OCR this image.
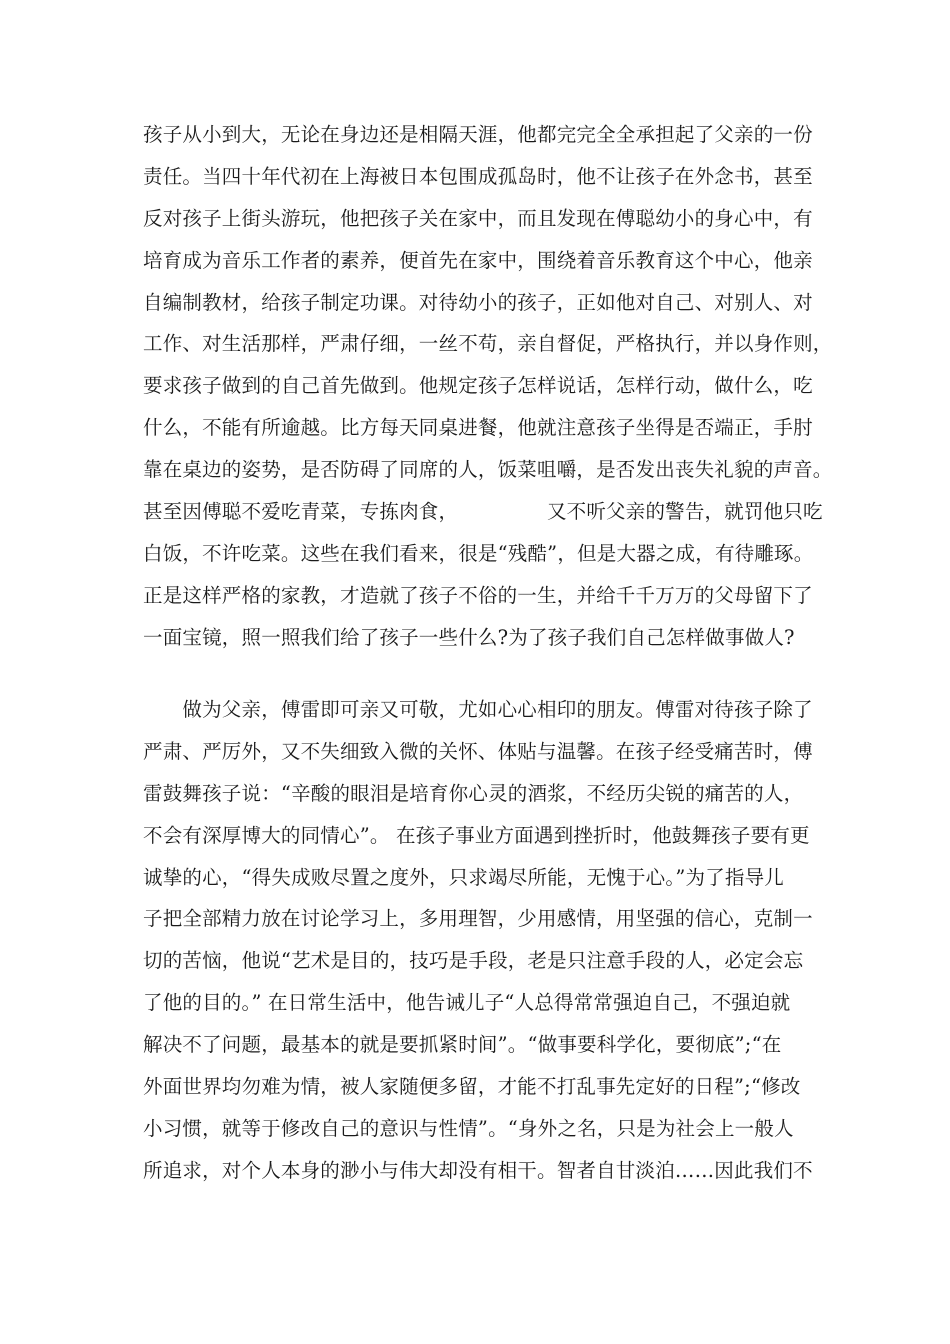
孩子从小到大，无论在身边还是相隔天涯，他都完完全全承担起了父亲的一份
责任。当四十年代初在上海被日本包围成孤岛时，他不让孩子在外念书，甚至
反对孩子上街头游玩，他把孩子关在家中，而且发现在傅聪幼小的身心中，有
培育成为音乐工作者的素养，便首先在家中，围绕着音乐教育这个中心，他亲
自编制教材，给孩子制定功课。对待幼小的孩子，正如他对自己、对别人、对
工作、对生活那样，严肃仔细，一丝不苟，亲自督促，严格执行，并以身作则，
要求孩子做到的自己首先做到。他规定孩子怎样说话，怎样行动，做什么，吃
什么，不能有所逾越。比方每天同桌进餐，他就注意孩子坐得是否端正，手肘
靠在桌边的姿势，是否防碍了同席的人，饭菜咀嚼，是否发出丧失礼貌的声音。
甚至因傅聪不爱吃青菜，专拣肉食，　　　　　又不听父亲的警告，就罚他只吃
白饭，不许吃菜。这些在我们看来，很是“残酷”，但是大器之成，有待雕琢。
正是这样严格的家教，才造就了孩子不俗的一生，并给千千万万的父母留下了
一面宝镜，照一照我们给了孩子一些什么?为了孩子我们自己怎样做事做人?
　　做为父亲，傅雷即可亲又可敬，尤如心心相印的朋友。傅雷对待孩子除了
严肃、严厉外，又不失细致入微的关怀、体贴与温馨。在孩子经受痛苦时，傅
雷鼓舞孩子说：“辛酸的眼泪是培育你心灵的酒浆，不经历尖锐的痛苦的人，
不会有深厚博大的同情心”。 在孩子事业方面遇到挫折时，他鼓舞孩子要有更
诚挚的心，“得失成败尽置之度外，只求竭尽所能，无愧于心。”为了指导儿
子把全部精力放在讨论学习上，多用理智，少用感情，用坚强的信心，克制一
切的苦恼，他说“艺术是目的，技巧是手段，老是只注意手段的人，必定会忘
了他的目的。” 在日常生活中，他告诫儿子“人总得常常强迫自己，不强迫就
解决不了问题，最基本的就是要抓紧时间”。“做事要科学化，要彻底”;“在
外面世界均勿难为情，被人家随便多留，才能不打乱事先定好的日程”;“修改
小习惯，就等于修改自己的意识与性情”。“身外之名，只是为社会上一般人
所追求，对个人本身的渺小与伟大却没有相干。智者自甘淡泊……因此我们不
